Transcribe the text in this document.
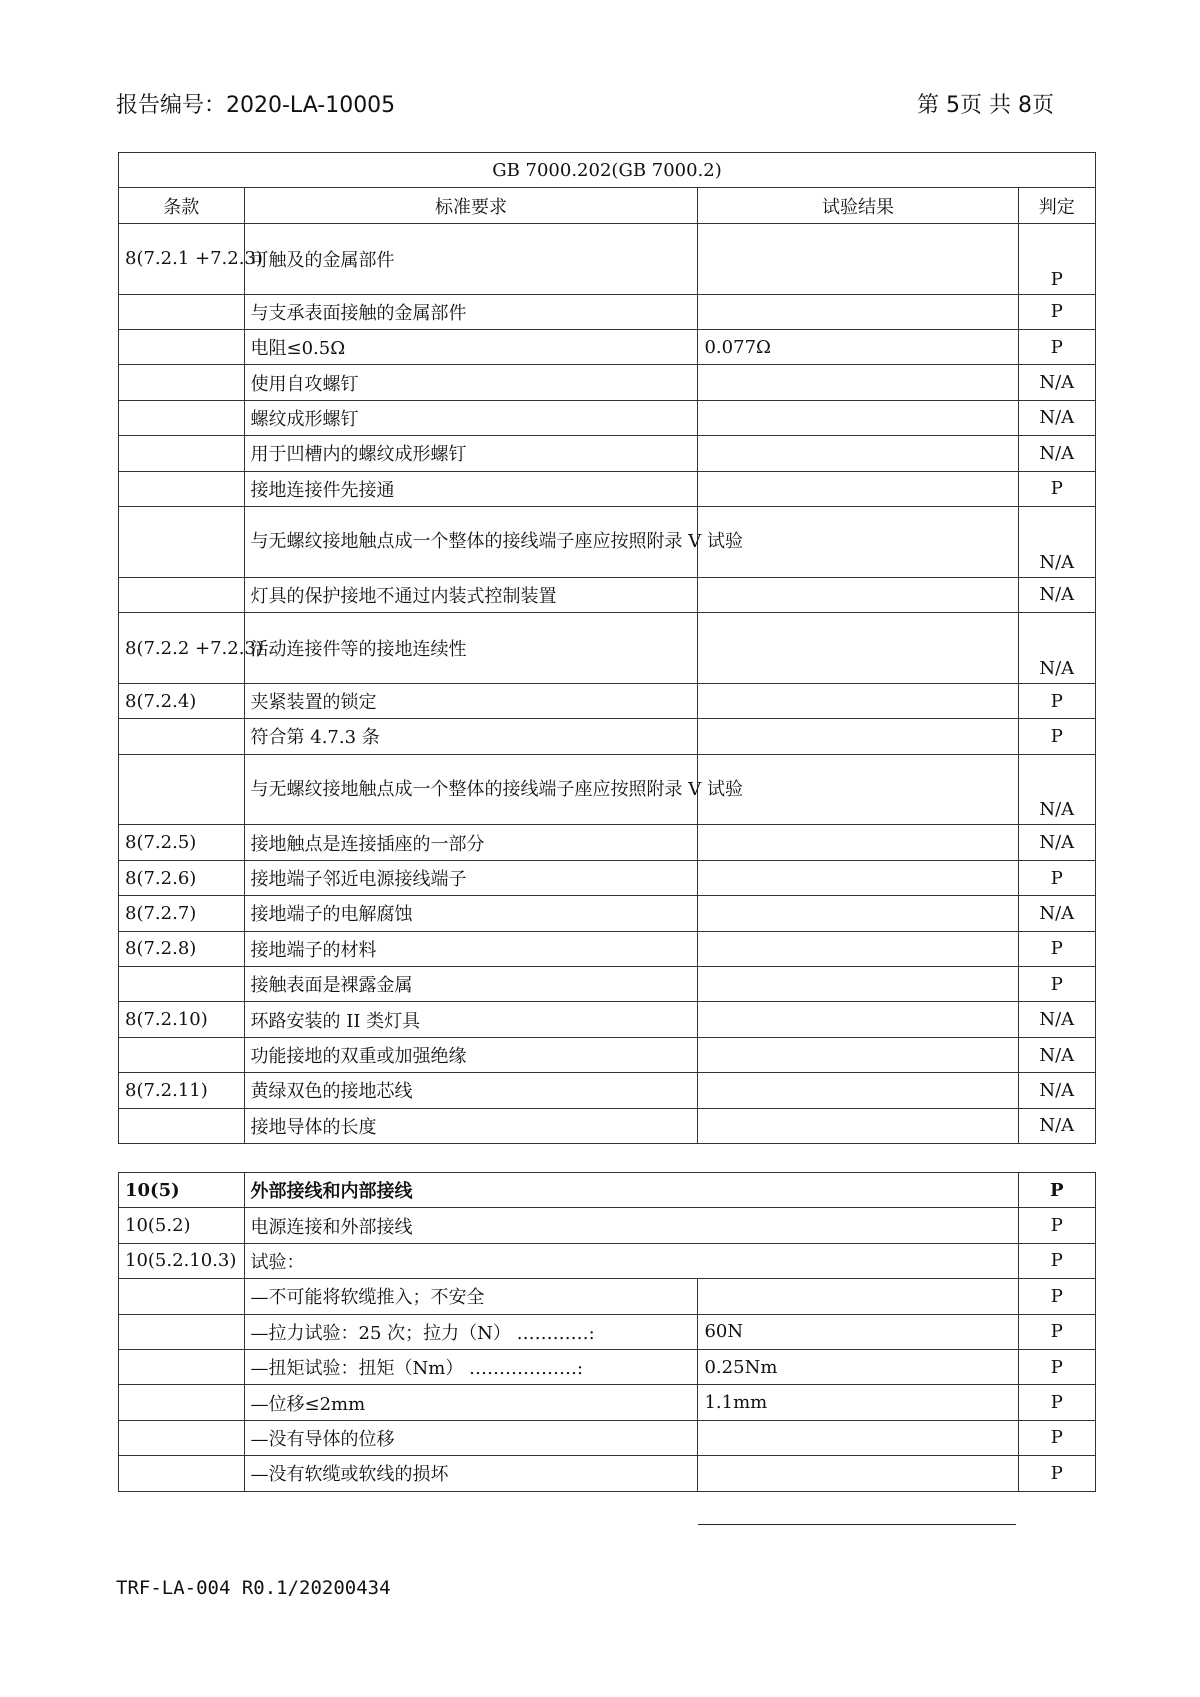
报告编号：2020-LA-10005	第 5页 共 8页
GB 7000.202(GB 7000.2)			
条款	标准要求	试验结果	判定
8(7.2.1 +7.2.3)	可触及的金属部件		P
	与支承表面接触的金属部件		P
	电阻≤0.5Ω	0.077Ω	P
	使用自攻螺钉		N/A
	螺纹成形螺钉		N/A
	用于凹槽内的螺纹成形螺钉		N/A
	接地连接件先接通		P
	与无螺纹接地触点成一个整体的接线端子座应按照附录 V 试验		N/A
	灯具的保护接地不通过内装式控制装置		N/A
8(7.2.2 +7.2.3)	活动连接件等的接地连续性		N/A
8(7.2.4)	夹紧装置的锁定		P
	符合第 4.7.3 条		P
	与无螺纹接地触点成一个整体的接线端子座应按照附录 V 试验		N/A
8(7.2.5)	接地触点是连接插座的一部分		N/A
8(7.2.6)	接地端子邻近电源接线端子		P
8(7.2.7)	接地端子的电解腐蚀		N/A
8(7.2.8)	接地端子的材料		P
	接触表面是裸露金属		P
8(7.2.10)	环路安装的 II 类灯具		N/A
	功能接地的双重或加强绝缘		N/A
8(7.2.11)	黄绿双色的接地芯线		N/A
	接地导体的长度		N/A
10(5)	外部接线和内部接线		P
10(5.2)	电源连接和外部接线		P
10(5.2.10.3)	试验：		P
	—不可能将软缆推入；不安全		P
	—拉力试验：25 次；拉力（N） …………:	60N	P
	—扭矩试验：扭矩（Nm） ………………:	0.25Nm	P
	—位移≤2mm	1.1mm	P
	—没有导体的位移		P
	—没有软缆或软线的损坏		P
TRF-LA-004 R0.1/20200434
